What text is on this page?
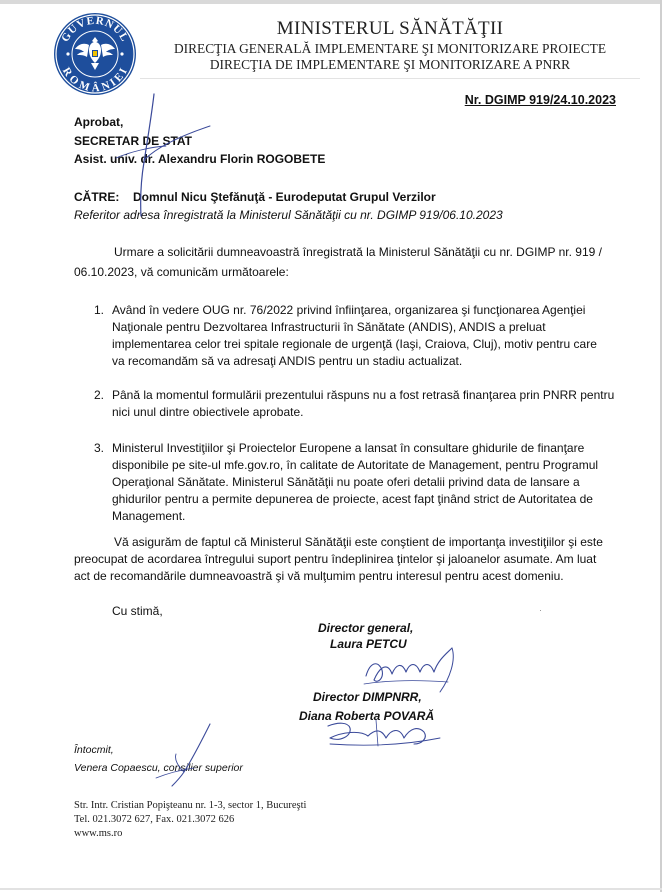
GUVERNUL
ROMÂNIEI
MINISTERUL SĂNĂTĂŢII
DIRECŢIA GENERALĂ IMPLEMENTARE ŞI MONITORIZARE PROIECTE
DIRECŢIA DE IMPLEMENTARE ŞI MONITORIZARE A PNRR
Nr. DGIMP 919/24.10.2023
Aprobat,
SECRETAR DE STAT
Asist. univ. dr. Alexandru Florin ROGOBETE
CĂTRE: Domnul Nicu Ştefănuţă - Eurodeputat Grupul Verzilor
Referitor adresa înregistrată la Ministerul Sănătăţii cu nr. DGIMP 919/06.10.2023
Urmare a solicitării dumneavoastră înregistrată la Ministerul Sănătăţii cu nr. DGIMP nr. 919 /
06.10.2023, vă comunicăm următoarele:
1. Având în vedere OUG nr. 76/2022 privind înfiinţarea, organizarea şi funcţionarea Agenţiei
Naţionale pentru Dezvoltarea Infrastructurii în Sănătate (ANDIS), ANDIS a preluat
implementarea celor trei spitale regionale de urgenţă (Iaşi, Craiova, Cluj), motiv pentru care
va recomandăm să va adresaţi ANDIS pentru un stadiu actualizat.
2. Până la momentul formulării prezentului răspuns nu a fost retrasă finanţarea prin PNRR pentru
nici unul dintre obiectivele aprobate.
3. Ministerul Investiţiilor şi Proiectelor Europene a lansat în consultare ghidurile de finanţare
disponibile pe site-ul mfe.gov.ro, în calitate de Autoritate de Management, pentru Programul
Operaţional Sănătate. Ministerul Sănătăţii nu poate oferi detalii privind data de lansare a
ghidurilor pentru a permite depunerea de proiecte, acest fapt ţinând strict de Autoritatea de
Management.
Vă asigurăm de faptul că Ministerul Sănătăţii este conştient de importanţa investiţiilor şi este
preocupat de acordarea întregului suport pentru îndeplinirea ţintelor şi jaloanelor asumate. Am luat
act de recomandările dumneavoastră şi vă mulţumim pentru interesul pentru acest domeniu.
Cu stimă,
Director general,
Laura PETCU
Director DIMPNRR,
Diana Roberta POVARĂ
Întocmit,
Venera Copaescu, consilier superior
Str. Intr. Cristian Popişteanu nr. 1-3, sector 1, Bucureşti
Tel. 021.3072 627, Fax. 021.3072 626
www.ms.ro
